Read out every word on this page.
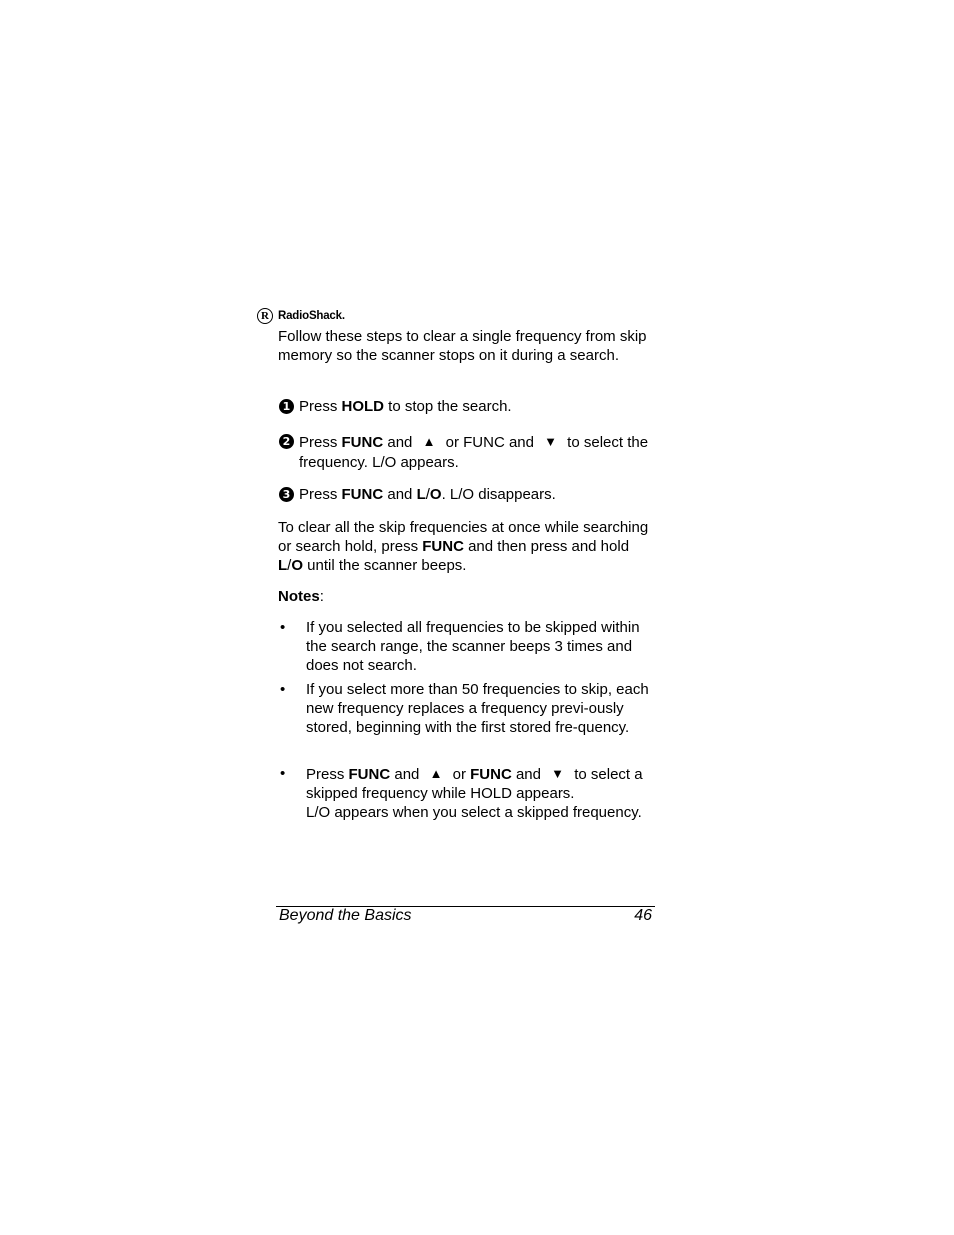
R RadioShack.
Follow these steps to clear a single frequency from skip memory so the scanner stops on it during a search.
1 Press HOLD to stop the search.
2 Press FUNC and ▲ or FUNC and ▼ to select the frequency. L/O appears.
3 Press FUNC and L/O. L/O disappears.
To clear all the skip frequencies at once while searching or search hold, press FUNC and then press and hold L/O until the scanner beeps.
Notes:
• If you selected all frequencies to be skipped within the search range, the scanner beeps 3 times and does not search.
• If you select more than 50 frequencies to skip, each new frequency replaces a frequency previ-ously stored, beginning with the first stored fre-quency.
• Press FUNC and ▲ or FUNC and ▼ to select a skipped frequency while HOLD appears.
L/O appears when you select a skipped frequency.
Beyond the Basics	46
